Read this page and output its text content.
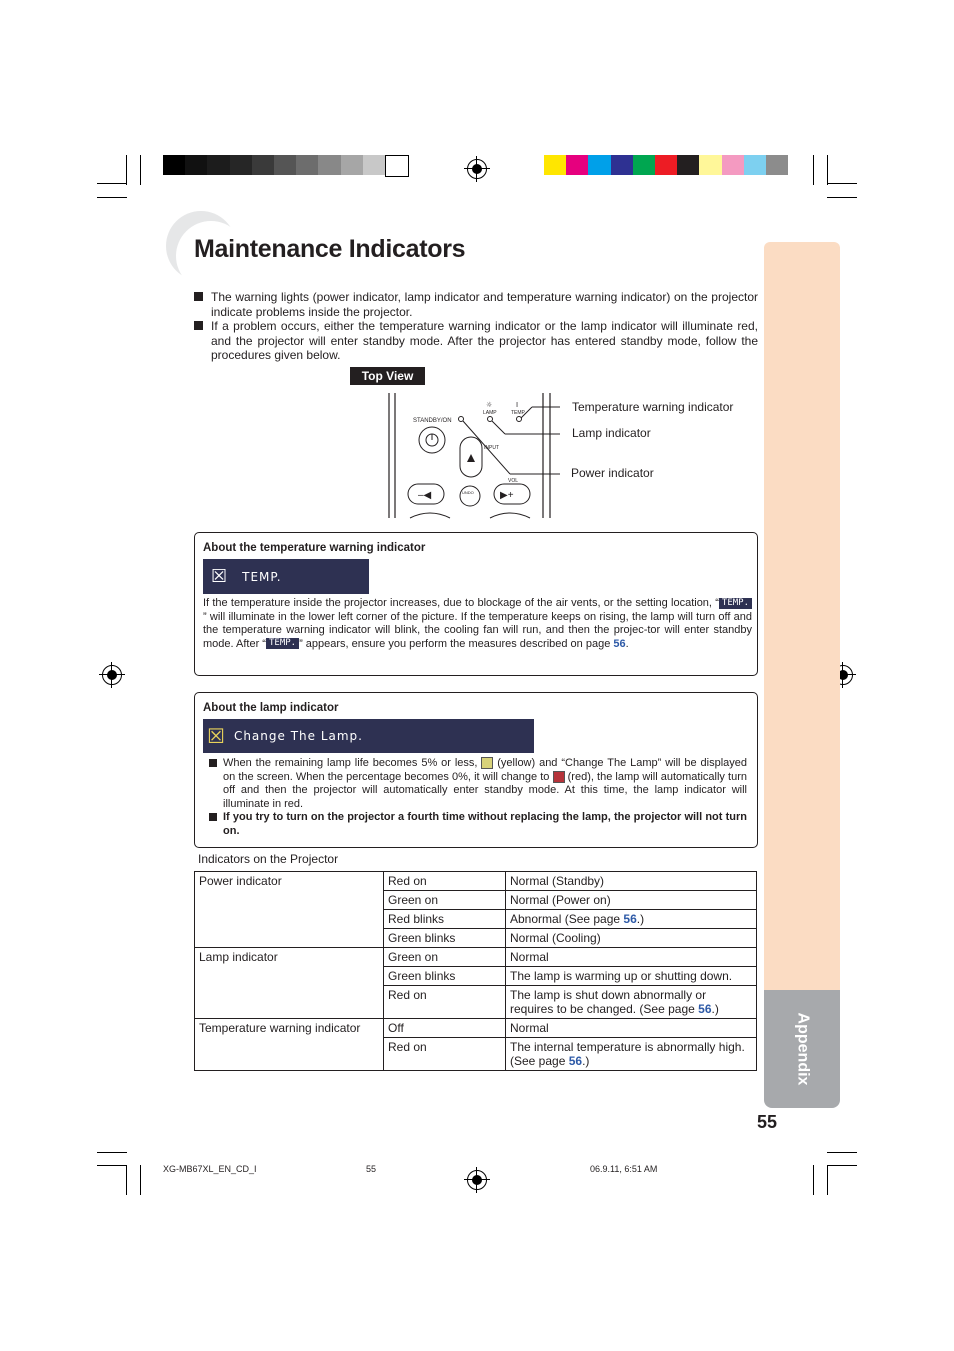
Appendix
Maintenance Indicators

The warning lights (power indicator, lamp indicator and temperature warning indicator) on the projector indicate problems inside the projector.

If a problem occurs, either the temperature warning indicator or the lamp indicator will illuminate red, and the projector will enter standby mode. After the projector has entered standby mode, follow the procedures given below.

Top View
STANDBY/ON
LAMP	TEMP.
☼	Ⅰ
INPUT
VOL
–◀	UNDO	▶+
Temperature warning indicator
Lamp indicator
Power indicator
About the temperature warning indicator
☒ TEMP.

If the temperature inside the projector increases, due to blockage of the air vents, or the setting location, “ TEMP.” will illuminate in the lower left corner of the picture. If the temperature keeps on rising, the lamp will turn off and the temperature warning indicator will blink, the cooling fan will run, and then the projec-tor will enter standby mode. After “ TEMP. ” appears, ensure you perform the measures described on page 56.

About the lamp indicator
☒ Change The Lamp.

When the remaining lamp life becomes 5% or less,  (yellow) and “Change The Lamp” will be displayed on the screen. When the percentage becomes 0%, it will change to  (red), the lamp will automatically turn off and then the projector will automatically enter standby mode. At this time, the lamp indicator will illuminate in red.

If you try to turn on the projector a fourth time without replacing the lamp, the projector will not turn on.

Indicators on the Projector
Power indicator	Red on	Normal (Standby)
	Green on	Normal (Power on)
	Red blinks	Abnormal (See page 56.)
	Green blinks	Normal (Cooling)
Lamp indicator	Green on	Normal
	Green blinks	The lamp is warming up or shutting down.
	Red on	The lamp is shut down abnormally or requires to be changed. (See page 56.)
Temperature warning indicator	Off	Normal
	Red on	The internal temperature is abnormally high. (See page 56.)
55
XG-MB67XL_EN_CD_I	55	06.9.11, 6:51 AM
